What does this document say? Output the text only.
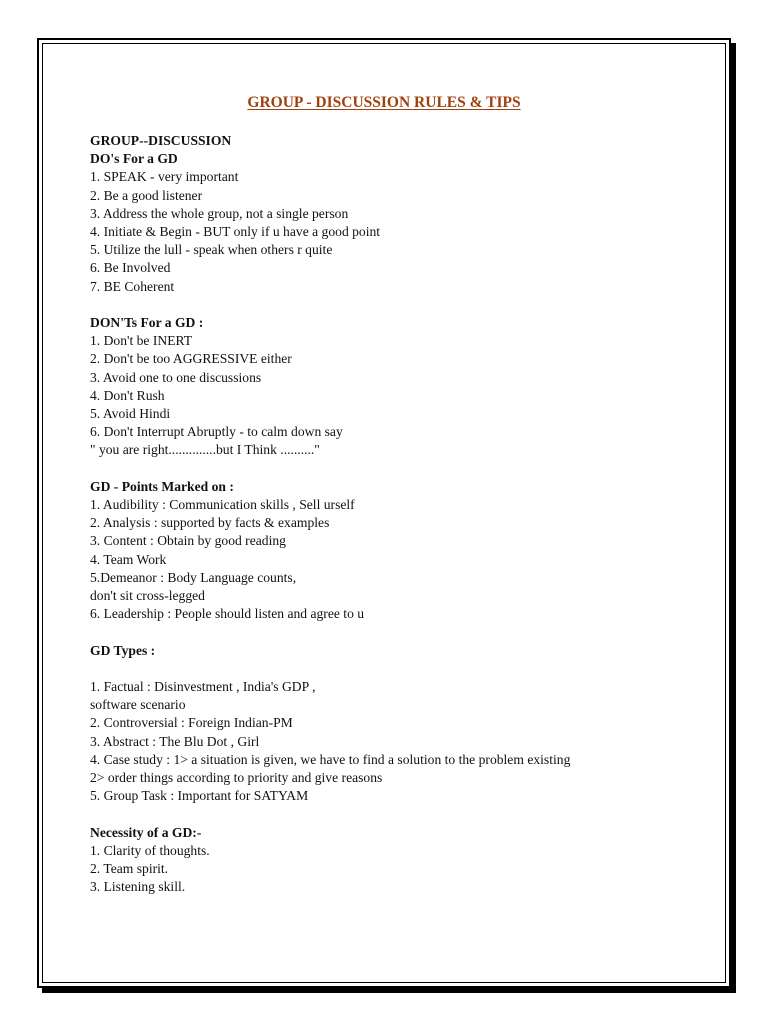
GROUP - DISCUSSION RULES & TIPS
GROUP--DISCUSSION
DO's For a GD
1. SPEAK - very important
2. Be a good listener
3. Address the whole group, not a single person
4. Initiate & Begin - BUT only if u have a good point
5. Utilize the lull - speak when others r quite
6. Be Involved
7. BE Coherent
DON'Ts For a GD :
1. Don't be INERT
2. Don't be too AGGRESSIVE either
3. Avoid one to one discussions
4. Don't Rush
5. Avoid Hindi
6. Don't Interrupt Abruptly - to calm down say
" you are right..............but I Think .........."
GD - Points Marked on :
1. Audibility : Communication skills , Sell urself
2. Analysis : supported by facts & examples
3. Content : Obtain by good reading
4. Team Work
5.Demeanor : Body Language counts,
don't sit cross-legged
6. Leadership : People should listen and agree to u
GD Types :
1. Factual : Disinvestment , India's GDP ,
software scenario
2. Controversial : Foreign Indian-PM
3. Abstract : The Blu Dot , Girl
4. Case study : 1> a situation is given, we have to find a solution to the problem existing
2> order things according to priority and give reasons
5. Group Task : Important for SATYAM
Necessity of a GD:-
1. Clarity of thoughts.
2. Team spirit.
3. Listening skill.
